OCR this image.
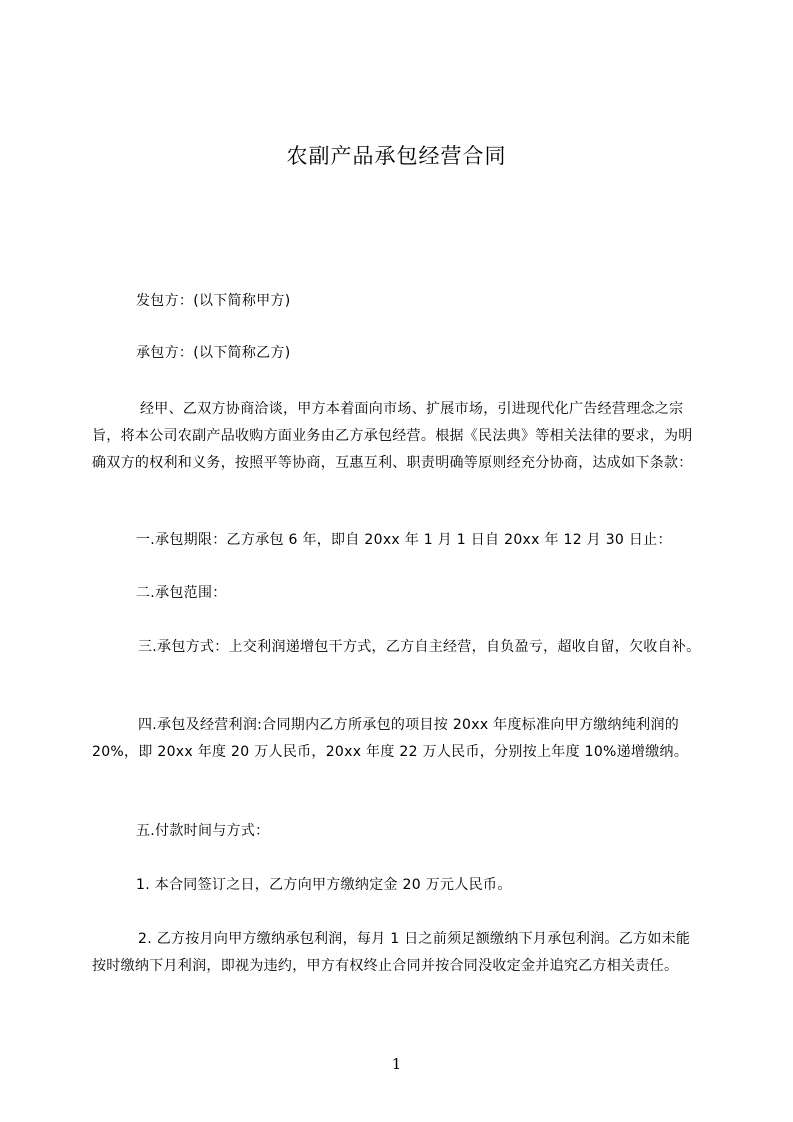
农副产品承包经营合同
发包方：(以下简称甲方)
承包方：(以下简称乙方)
经甲、乙双方协商洽谈，甲方本着面向市场、扩展市场，引进现代化广告经营理念之宗旨，将本公司农副产品收购方面业务由乙方承包经营。根据《民法典》等相关法律的要求，为明确双方的权利和义务，按照平等协商，互惠互利、职责明确等原则经充分协商，达成如下条款：
一.承包期限：乙方承包 6 年，即自 20xx 年 1 月 1 日自 20xx 年 12 月 30 日止：
二.承包范围：
三.承包方式：上交利润递增包干方式，乙方自主经营，自负盈亏，超收自留，欠收自补。
四.承包及经营利润:合同期内乙方所承包的项目按 20xx 年度标准向甲方缴纳纯利润的 20%，即 20xx 年度 20 万人民币，20xx 年度 22 万人民币，分别按上年度 10%递增缴纳。
五.付款时间与方式：
1. 本合同签订之日，乙方向甲方缴纳定金 20 万元人民币。
2. 乙方按月向甲方缴纳承包利润，每月 1 日之前须足额缴纳下月承包利润。乙方如未能按时缴纳下月利润，即视为违约，甲方有权终止合同并按合同没收定金并追究乙方相关责任。
1
